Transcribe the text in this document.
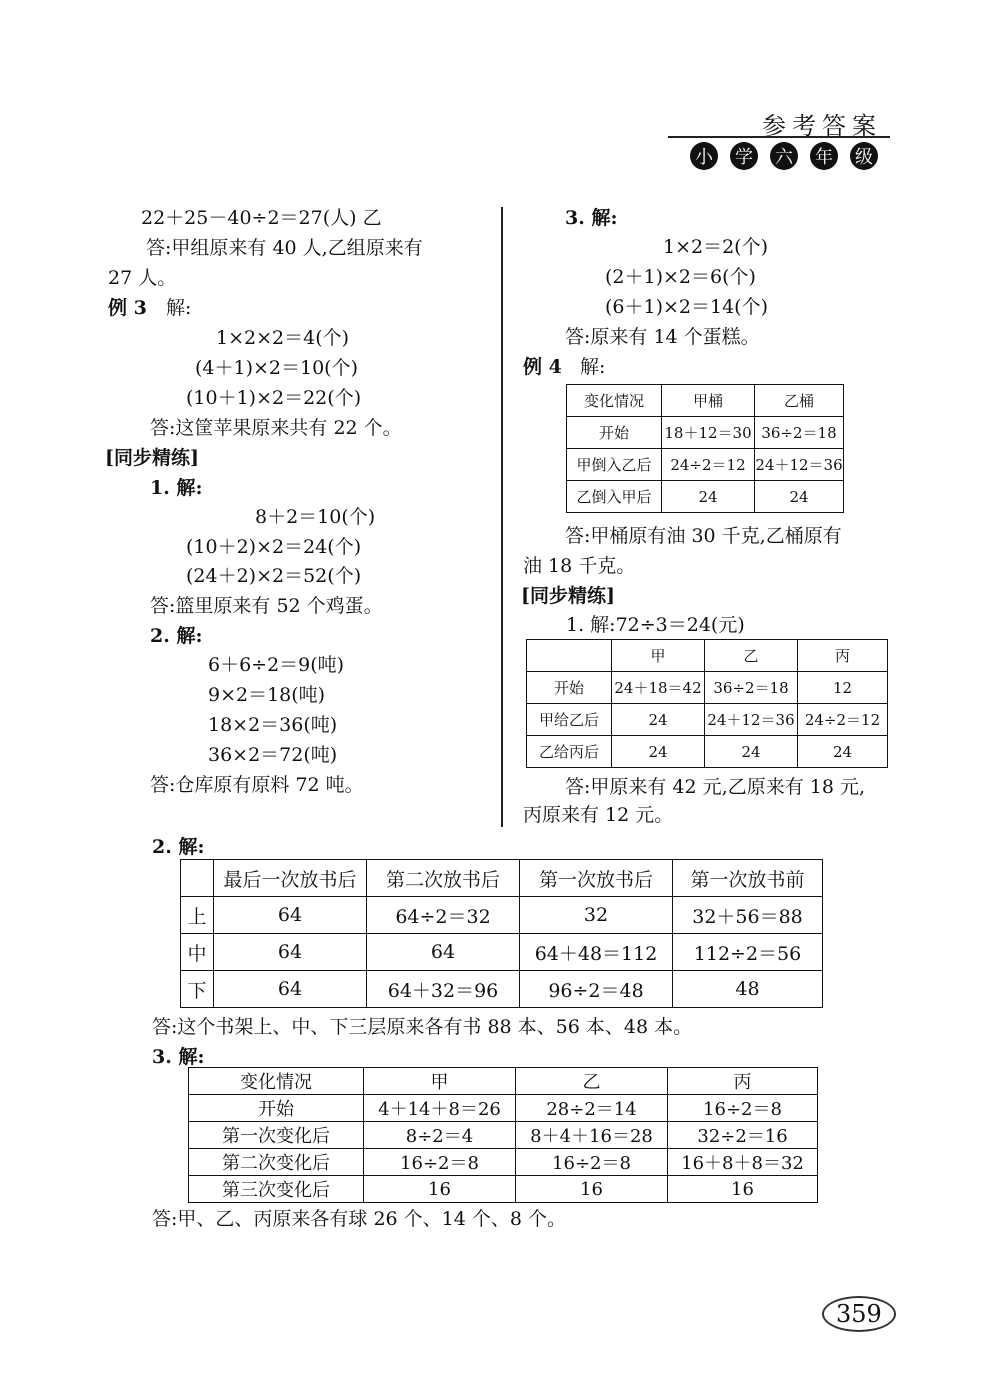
参考答案
小 学 六 年 级
22＋25－40÷2＝27(人) 乙
答:甲组原来有 40 人,乙组原来有
27 人。
例 3 解:
1×2×2＝4(个)
(4＋1)×2＝10(个)
(10＋1)×2＝22(个)
答:这筐苹果原来共有 22 个。
[同步精练]
1. 解:
8＋2＝10(个)
(10＋2)×2＝24(个)
(24＋2)×2＝52(个)
答:篮里原来有 52 个鸡蛋。
2. 解:
6＋6÷2＝9(吨)
9×2＝18(吨)
18×2＝36(吨)
36×2＝72(吨)
答:仓库原有原料 72 吨。
3. 解:
1×2＝2(个)
(2＋1)×2＝6(个)
(6＋1)×2＝14(个)
答:原来有 14 个蛋糕。
例 4 解:
变化情况	甲桶	乙桶
开始	18＋12＝30	36÷2＝18
甲倒入乙后	24÷2＝12	24＋12＝36
乙倒入甲后	24	24
答:甲桶原有油 30 千克,乙桶原有
油 18 千克。
[同步精练]
1. 解:72÷3＝24(元)
	甲	乙	丙
开始	24＋18＝42	36÷2＝18	12
甲给乙后	24	24＋12＝36	24÷2＝12
乙给丙后	24	24	24
答:甲原来有 42 元,乙原来有 18 元,
丙原来有 12 元。
2. 解:
	最后一次放书后	第二次放书后	第一次放书后	第一次放书前
上	64	64÷2＝32	32	32＋56＝88
中	64	64	64＋48＝112	112÷2＝56
下	64	64＋32＝96	96÷2＝48	48
答:这个书架上、中、下三层原来各有书 88 本、56 本、48 本。
3. 解:
变化情况	甲	乙	丙
开始	4＋14＋8＝26	28÷2＝14	16÷2＝8
第一次变化后	8÷2＝4	8＋4＋16＝28	32÷2＝16
第二次变化后	16÷2＝8	16÷2＝8	16＋8＋8＝32
第三次变化后	16	16	16
答:甲、乙、丙原来各有球 26 个、14 个、8 个。
359
